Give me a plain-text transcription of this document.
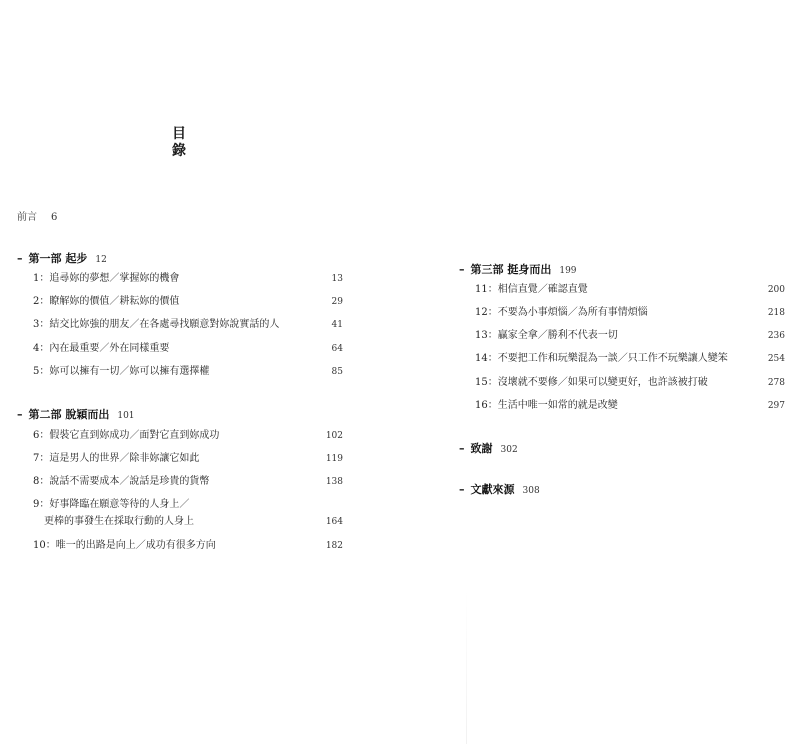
目
錄
前言 6
– 第一部 起步 12
1：追尋妳的夢想／掌握妳的機會	13
2：瞭解妳的價值／耕耘妳的價值	29
3：結交比妳強的朋友／在各處尋找願意對妳說實話的人	41
4：內在最重要／外在同樣重要	64
5：妳可以擁有一切／妳可以擁有選擇權	85
– 第二部 脫穎而出 101
6：假裝它直到妳成功／面對它直到妳成功	102
7：這是男人的世界／除非妳讓它如此	119
8：說話不需要成本／說話是珍貴的貨幣	138
9：好事降臨在願意等待的人身上／
更棒的事發生在採取行動的人身上	164
10：唯一的出路是向上／成功有很多方向	182
– 第三部 挺身而出 199
11：相信直覺／確認直覺	200
12：不要為小事煩惱／為所有事情煩惱	218
13：贏家全拿／勝利不代表一切	236
14：不要把工作和玩樂混為一談／只工作不玩樂讓人變笨	254
15：沒壞就不要修／如果可以變更好，也許該被打破	278
16：生活中唯一如常的就是改變	297
– 致謝 302
– 文獻來源 308
